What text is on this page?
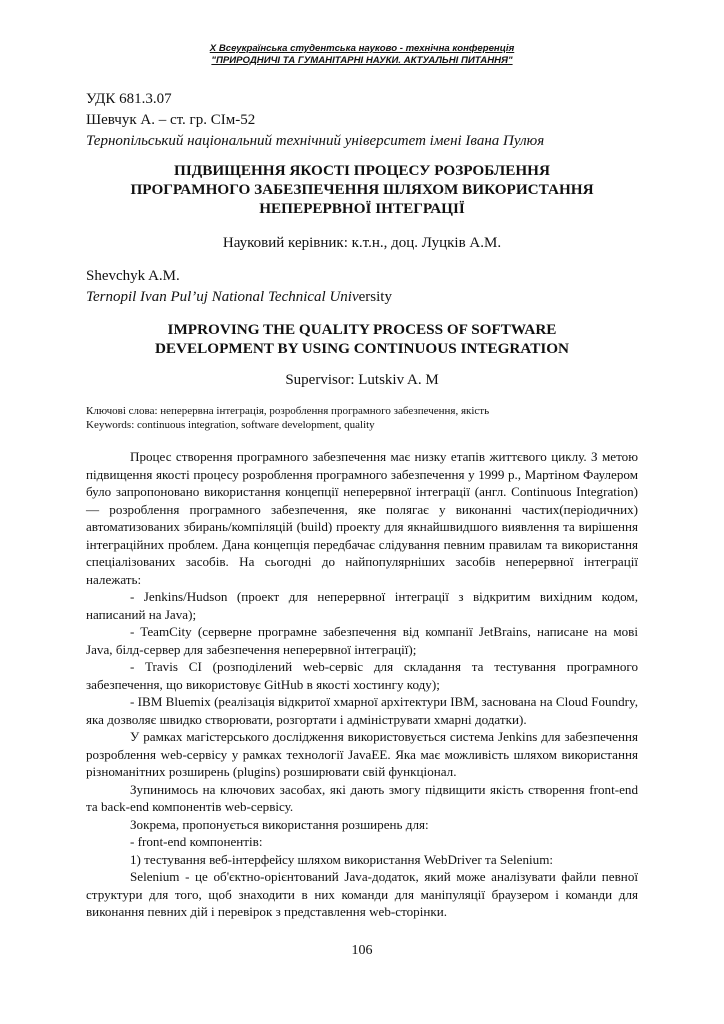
X Всеукраїнська студентська науково - технічна конференція
"ПРИРОДНИЧІ ТА ГУМАНІТАРНІ НАУКИ. АКТУАЛЬНІ ПИТАННЯ"
УДК 681.3.07
Шевчук А. – ст. гр. СІм-52
Тернопільський національний технічний університет імені Івана Пулюя
ПІДВИЩЕННЯ ЯКОСТІ ПРОЦЕСУ РОЗРОБЛЕННЯ
ПРОГРАМНОГО ЗАБЕЗПЕЧЕННЯ ШЛЯХОМ ВИКОРИСТАННЯ
НЕПЕРЕРВНОЇ ІНТЕГРАЦІЇ
Науковий керівник: к.т.н., доц. Луцків А.М.
Shevchyk A.M.
Ternopil Ivan Pul’uj National Technical University
IMPROVING THE QUALITY PROCESS OF SOFTWARE
DEVELOPMENT BY USING CONTINUOUS INTEGRATION
Supervisor: Lutskiv A. M
Ключові слова: неперервна інтеграція, розроблення програмного забезпечення, якість
Keywords: continuous integration, software development, quality

Процес створення програмного забезпечення має низку етапів життєвого циклу. З метою підвищення якості процесу розроблення програмного забезпечення у 1999 р., Мартіном Фаулером було запропоновано використання концепції неперервної інтеграції (англ. Continuous Integration) — розроблення програмного забезпечення, яке полягає у виконанні частих(періодичних) автоматизованих збирань/компіляцій (build) проекту для якнайшвидшого виявлення та вирішення інтеграційних проблем. Дана концепція передбачає слідування певним правилам та використання спеціалізованих засобів. На сьогодні до найпопулярніших засобів неперервної інтеграції належать:

- Jenkins/Hudson (проект для неперервної інтеграції з відкритим вихідним кодом, написаний на Java);

- TeamCity (серверне програмне забезпечення від компанії JetBrains, написане на мові Java, білд-сервер для забезпечення неперервної інтеграції);

- Travis CI (розподілений web-сервіс для складання та тестування програмного забезпечення, що використовує GitHub в якості хостингу коду);

- IBM Bluemix (реалізація відкритої хмарної архітектури IBM, заснована на Cloud Foundry, яка дозволяє швидко створювати, розгортати і адмініструвати хмарні додатки).

У рамках магістерського дослідження використовується система Jenkins для забезпечення розроблення web-сервісу у рамках технології JavaEE. Яка має можливість шляхом використання різноманітних розширень (plugins) розширювати свій функціонал.

Зупинимось на ключових засобах, які дають змогу підвищити якість створення front-end та back-end компонентів web-сервісу.

Зокрема, пропонується використання розширень для:

- front-end компонентів:

1) тестування веб-інтерфейсу шляхом використання WebDriver та Selenium:

Selenium - це об'єктно-орієнтований Java-додаток, який може аналізувати файли певної структури для того, щоб знаходити в них команди для маніпуляції браузером і команди для виконання певних дій і перевірок з представлення web-сторінки.

106
